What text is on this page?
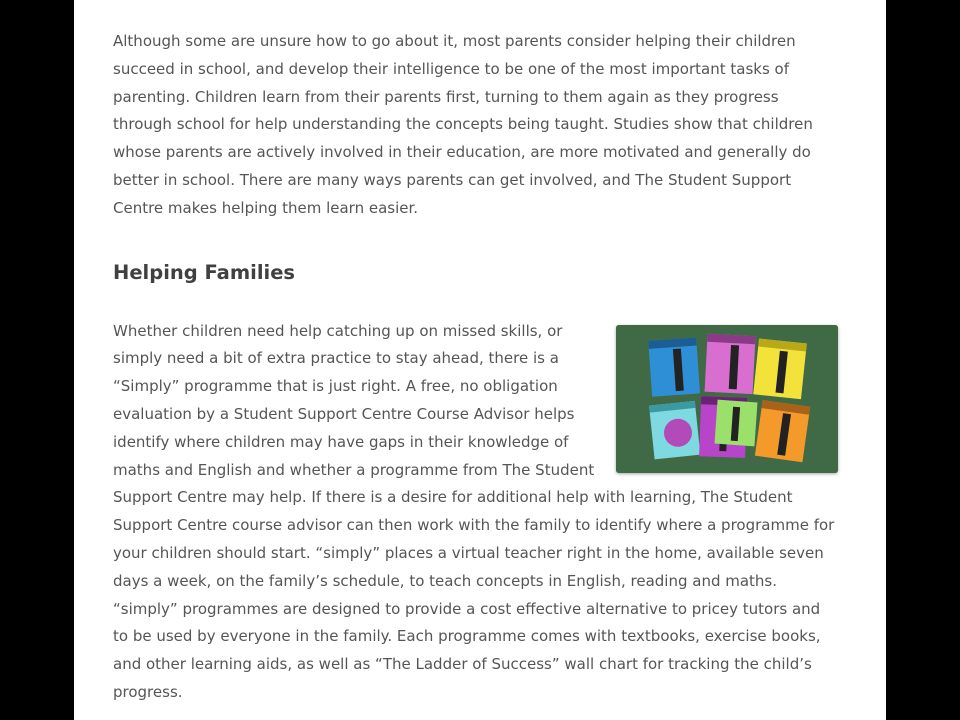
Although some are unsure how to go about it, most parents consider helping their children succeed in school, and develop their intelligence to be one of the most important tasks of parenting. Children learn from their parents first, turning to them again as they progress through school for help understanding the concepts being taught. Studies show that children whose parents are actively involved in their education, are more motivated and generally do better in school. There are many ways parents can get involved, and The Student Support Centre makes helping them learn easier.

Helping Families

Whether children need help catching up on missed skills, or simply need a bit of extra practice to stay ahead, there is a “Simply” programme that is just right. A free, no obligation evaluation by a Student Support Centre Course Advisor helps identify where children may have gaps in their knowledge of maths and English and whether a programme from The Student Support Centre may help. If there is a desire for additional help with learning, The Student Support Centre course advisor can then work with the family to identify where a programme for your children should start. “simply” places a virtual teacher right in the home, available seven days a week, on the family’s schedule, to teach concepts in English, reading and maths. “simply” programmes are designed to provide a cost effective alternative to pricey tutors and to be used by everyone in the family. Each programme comes with textbooks, exercise books, and other learning aids, as well as “The Ladder of Success” wall chart for tracking the child’s progress.
